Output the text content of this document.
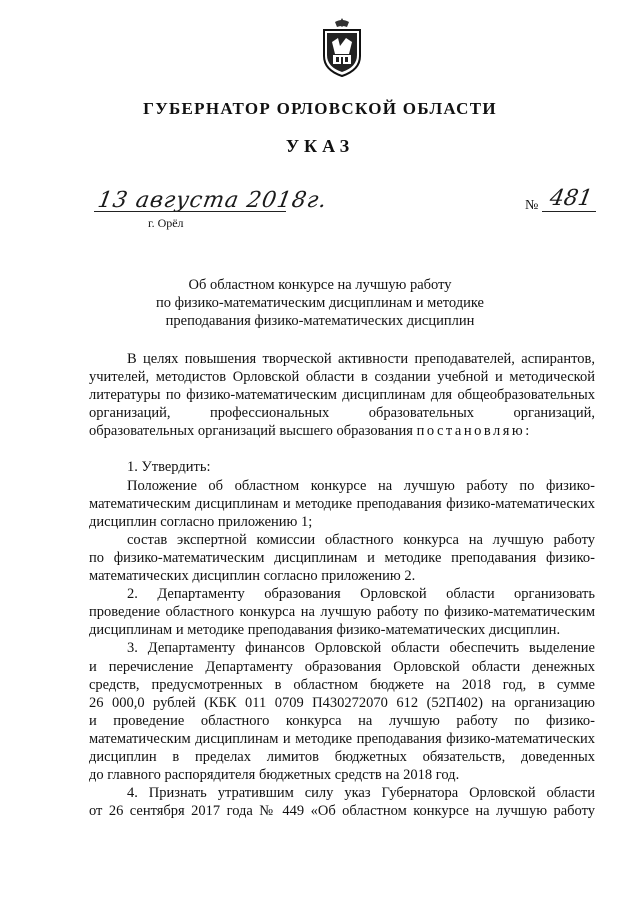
ГУБЕРНАТОР ОРЛОВСКОЙ ОБЛАСТИ
УКАЗ
13 августа 2018г.
г. Орёл
№ 481
Об областном конкурсе на лучшую работу
по физико-математическим дисциплинам и методике
преподавания физико-математических дисциплин
В целях повышения творческой активности преподавателей, аспирантов,
учителей, методистов Орловской области в создании учебной и методической
литературы по физико-математическим дисциплинам для общеобразовательных
организаций, профессиональных образовательных организаций,
образовательных организаций высшего образования постановляю:
1. Утвердить:
Положение об областном конкурсе на лучшую работу по физико-
математическим дисциплинам и методике преподавания физико-математических
дисциплин согласно приложению 1;
состав экспертной комиссии областного конкурса на лучшую работу
по физико-математическим дисциплинам и методике преподавания физико-
математических дисциплин согласно приложению 2.
2. Департаменту образования Орловской области организовать
проведение областного конкурса на лучшую работу по физико-математическим
дисциплинам и методике преподавания физико-математических дисциплин.
3. Департаменту финансов Орловской области обеспечить выделение
и перечисление Департаменту образования Орловской области денежных
средств, предусмотренных в областном бюджете на 2018 год, в сумме
26 000,0 рублей (КБК 011 0709 П430272070 612 (52П402) на организацию
и проведение областного конкурса на лучшую работу по физико-
математическим дисциплинам и методике преподавания физико-математических
дисциплин в пределах лимитов бюджетных обязательств, доведенных
до главного распорядителя бюджетных средств на 2018 год.
4. Признать утратившим силу указ Губернатора Орловской области
от 26 сентября 2017 года № 449 «Об областном конкурсе на лучшую работу
